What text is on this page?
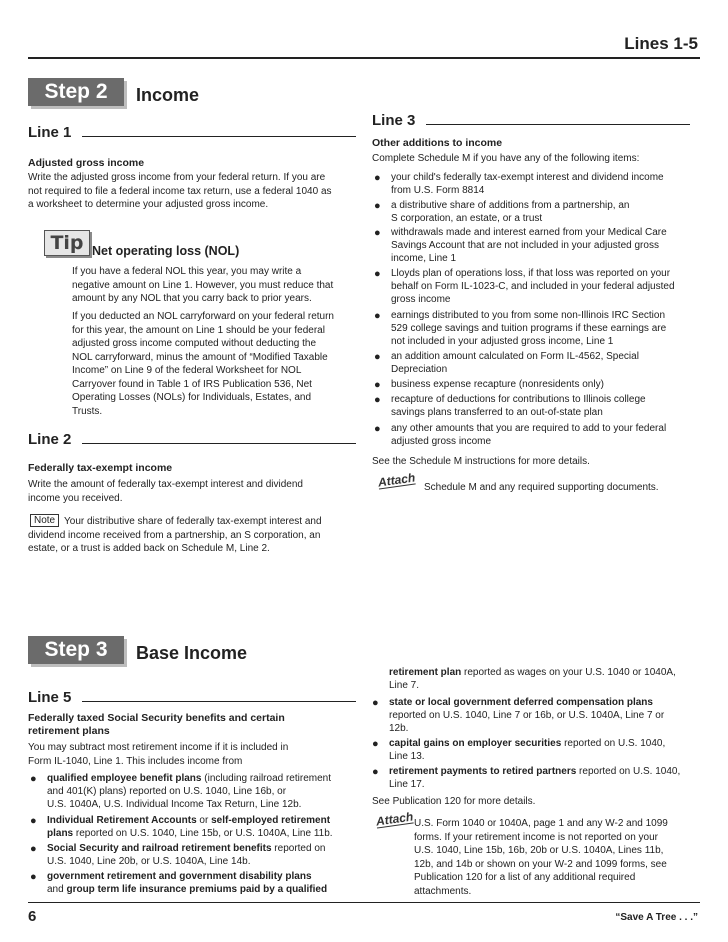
Lines 1-5
Step 2	Income
Line 1
Adjusted gross income
Write the adjusted gross income from your federal return. If you are
not required to file a federal income tax return, use a federal 1040 as
a worksheet to determine your adjusted gross income.
Tip Net operating loss (NOL)
If you have a federal NOL this year, you may write a
negative amount on Line 1. However, you must reduce that
amount by any NOL that you carry back to prior years.
If you deducted an NOL carryforward on your federal return
for this year, the amount on Line 1 should be your federal
adjusted gross income computed without deducting the
NOL carryforward, minus the amount of “Modified Taxable
Income” on Line 9 of the federal Worksheet for NOL
Carryover found in Table 1 of IRS Publication 536, Net
Operating Losses (NOLs) for Individuals, Estates, and
Trusts.
Line 2
Federally tax-exempt income
Write the amount of federally tax-exempt interest and dividend
income you received.
Note Your distributive share of federally tax-exempt interest and
dividend income received from a partnership, an S corporation, an
estate, or a trust is added back on Schedule M, Line 2.
Line 3
Other additions to income
Complete Schedule M if you have any of the following items:
● your child's federally tax-exempt interest and dividend income
from U.S. Form 8814
● a distributive share of additions from a partnership, an
S corporation, an estate, or a trust
● withdrawals made and interest earned from your Medical Care
Savings Account that are not included in your adjusted gross
income, Line 1
● Lloyds plan of operations loss, if that loss was reported on your
behalf on Form IL-1023-C, and included in your federal adjusted
gross income
● earnings distributed to you from some non-Illinois IRC Section
529 college savings and tuition programs if these earnings are
not included in your adjusted gross income, Line 1
● an addition amount calculated on Form IL-4562, Special
Depreciation
● business expense recapture (nonresidents only)
● recapture of deductions for contributions to Illinois college
savings plans transferred to an out-of-state plan
● any other amounts that you are required to add to your federal
adjusted gross income
See the Schedule M instructions for more details.
Attach Schedule M and any required supporting documents.
Step 3	Base Income
Line 5
Federally taxed Social Security benefits and certain
retirement plans
You may subtract most retirement income if it is included in
Form IL-1040, Line 1. This includes income from
● qualified employee benefit plans (including railroad retirement
and 401(K) plans) reported on U.S. 1040, Line 16b, or
U.S. 1040A, U.S. Individual Income Tax Return, Line 12b.
● Individual Retirement Accounts or self-employed retirement
plans reported on U.S. 1040, Line 15b, or U.S. 1040A, Line 11b.
● Social Security and railroad retirement benefits reported on
U.S. 1040, Line 20b, or U.S. 1040A, Line 14b.
● government retirement and government disability plans
and group term life insurance premiums paid by a qualified
retirement plan reported as wages on your U.S. 1040 or 1040A,
Line 7.
● state or local government deferred compensation plans
reported on U.S. 1040, Line 7 or 16b, or U.S. 1040A, Line 7 or
12b.
● capital gains on employer securities reported on U.S. 1040,
Line 13.
● retirement payments to retired partners reported on U.S. 1040,
Line 17.
See Publication 120 for more details.
Attach U.S. Form 1040 or 1040A, page 1 and any W-2 and 1099
forms. If your retirement income is not reported on your
U.S. 1040, Line 15b, 16b, 20b or U.S. 1040A, Lines 11b,
12b, and 14b or shown on your W-2 and 1099 forms, see
Publication 120 for a list of any additional required
attachments.
6	“Save A Tree . . .”
